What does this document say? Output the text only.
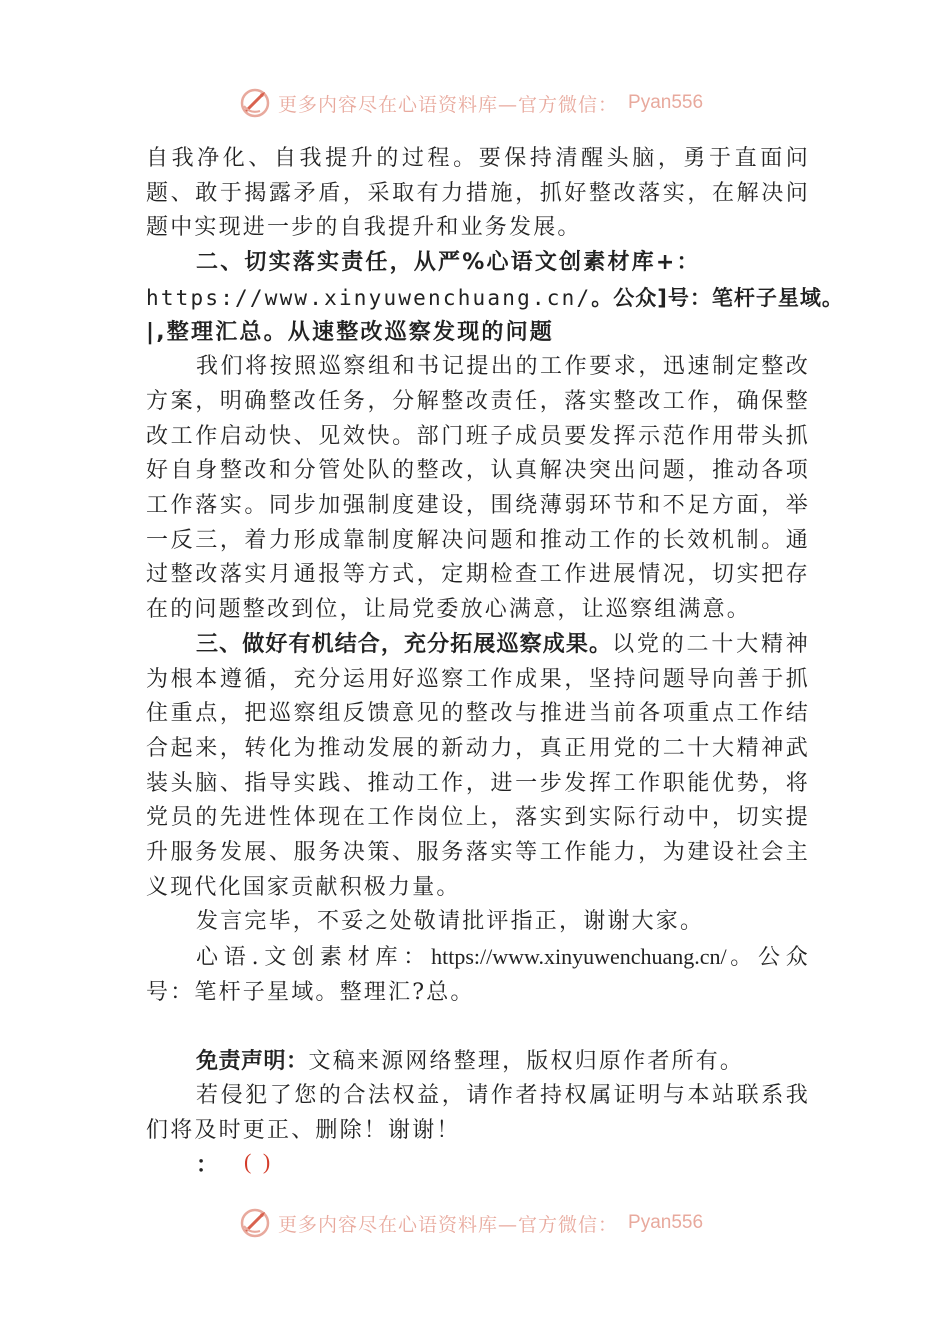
更多内容尽在心语资料库—官方微信： Pyan556

自我净化、自我提升的过程。要保持清醒头脑，勇于直面问题、敢于揭露矛盾，采取有力措施，抓好整改落实，在解决问题中实现进一步的自我提升和业务发展。

二、切实落实责任，从严%心语文创素材库+：

https://www.xinyuwenchuang.cn/。公众]号：笔杆子星域。

|,整理汇总。从速整改巡察发现的问题

我们将按照巡察组和书记提出的工作要求，迅速制定整改方案，明确整改任务，分解整改责任，落实整改工作，确保整改工作启动快、见效快。部门班子成员要发挥示范作用带头抓好自身整改和分管处队的整改，认真解决突出问题，推动各项工作落实。同步加强制度建设，围绕薄弱环节和不足方面，举一反三，着力形成靠制度解决问题和推动工作的长效机制。通过整改落实月通报等方式，定期检查工作进展情况，切实把存在的问题整改到位，让局党委放心满意，让巡察组满意。

三、做好有机结合，充分拓展巡察成果。以党的二十大精神为根本遵循，充分运用好巡察工作成果，坚持问题导向善于抓住重点，把巡察组反馈意见的整改与推进当前各项重点工作结合起来，转化为推动发展的新动力，真正用党的二十大精神武装头脑、指导实践、推动工作，进一步发挥工作职能优势，将党员的先进性体现在工作岗位上，落实到实际行动中，切实提升服务发展、服务决策、服务落实等工作能力，为建设社会主义现代化国家贡献积极力量。

发言完毕，不妥之处敬请批评指正，谢谢大家。

心语.文创素材库：https://www.xinyuwenchuang.cn/。公众号：笔杆子星域。整理汇?总。

免责声明：文稿来源网络整理，版权归原作者所有。

若侵犯了您的合法权益，请作者持权属证明与本站联系我们将及时更正、删除！谢谢！

： ( )
更多内容尽在心语资料库—官方微信： Pyan556
